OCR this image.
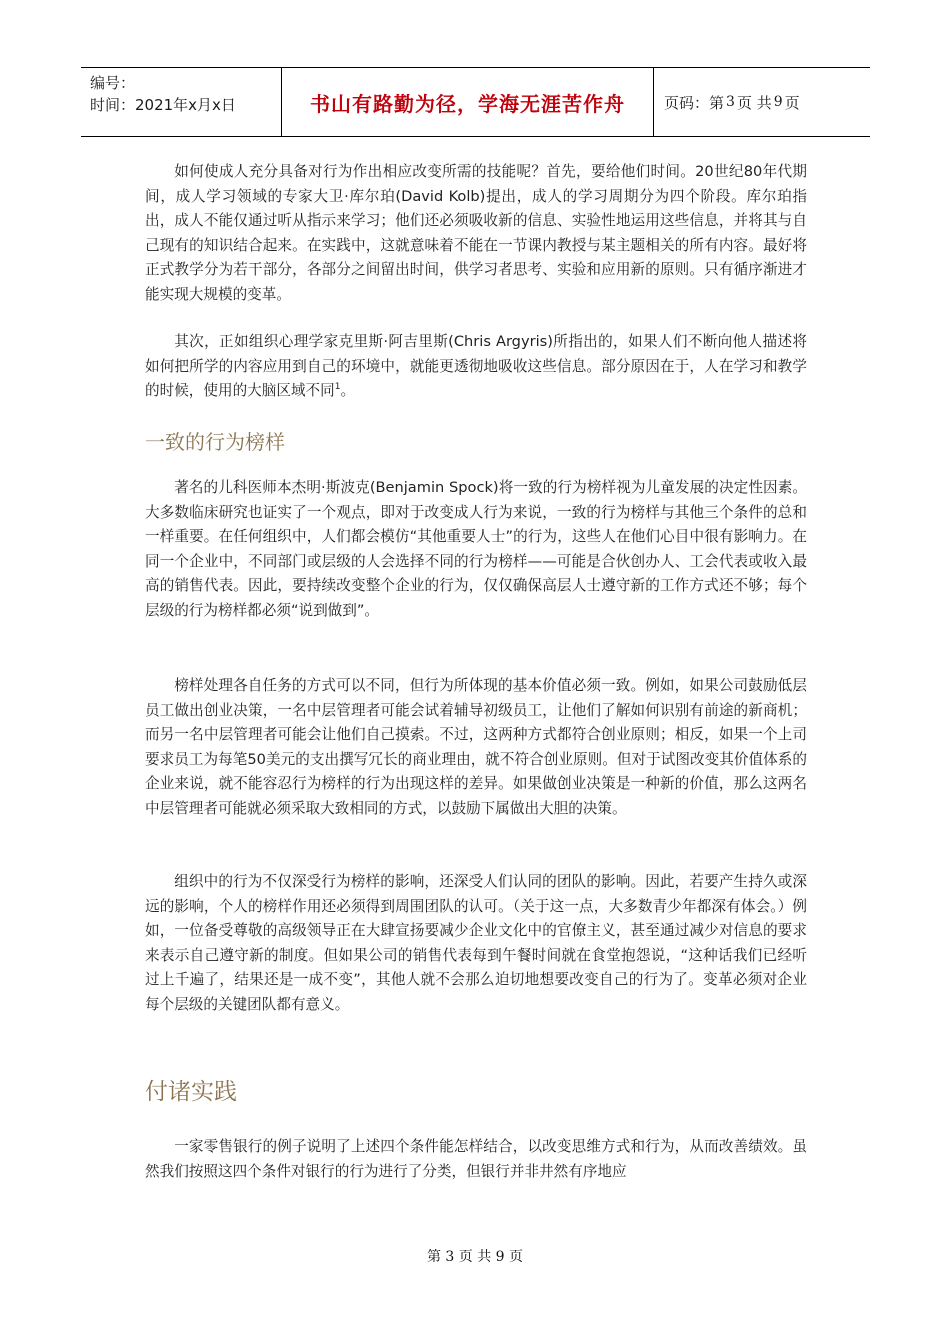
编号：
时间：2021年x月x日	书山有路勤为径，学海无涯苦作舟	页码：第 3 页 共 9 页

如何使成人充分具备对行为作出相应改变所需的技能呢？首先，要给他们时间。20世纪80年代期间，成人学习领域的专家大卫·库尔珀(David Kolb)提出，成人的学习周期分为四个阶段。库尔珀指出，成人不能仅通过听从指示来学习；他们还必须吸收新的信息、实验性地运用这些信息，并将其与自己现有的知识结合起来。在实践中，这就意味着不能在一节课内教授与某主题相关的所有内容。最好将正式教学分为若干部分，各部分之间留出时间，供学习者思考、实验和应用新的原则。只有循序渐进才能实现大规模的变革。

其次，正如组织心理学家克里斯·阿吉里斯(Chris Argyris)所指出的，如果人们不断向他人描述将如何把所学的内容应用到自己的环境中，就能更透彻地吸收这些信息。部分原因在于，人在学习和教学的时候，使用的大脑区域不同$^1$。

一致的行为榜样

著名的儿科医师本杰明·斯波克(Benjamin Spock)将一致的行为榜样视为儿童发展的决定性因素。大多数临床研究也证实了一个观点，即对于改变成人行为来说，一致的行为榜样与其他三个条件的总和一样重要。在任何组织中，人们都会模仿“其他重要人士”的行为，这些人在他们心目中很有影响力。在同一个企业中，不同部门或层级的人会选择不同的行为榜样——可能是合伙创办人、工会代表或收入最高的销售代表。因此，要持续改变整个企业的行为，仅仅确保高层人士遵守新的工作方式还不够；每个层级的行为榜样都必须“说到做到”。

榜样处理各自任务的方式可以不同，但行为所体现的基本价值必须一致。例如，如果公司鼓励低层员工做出创业决策，一名中层管理者可能会试着辅导初级员工，让他们了解如何识别有前途的新商机；而另一名中层管理者可能会让他们自己摸索。不过，这两种方式都符合创业原则；相反，如果一个上司要求员工为每笔50美元的支出撰写冗长的商业理由，就不符合创业原则。但对于试图改变其价值体系的企业来说，就不能容忍行为榜样的行为出现这样的差异。如果做创业决策是一种新的价值，那么这两名中层管理者可能就必须采取大致相同的方式，以鼓励下属做出大胆的决策。

组织中的行为不仅深受行为榜样的影响，还深受人们认同的团队的影响。因此，若要产生持久或深远的影响，个人的榜样作用还必须得到周围团队的认可。（关于这一点，大多数青少年都深有体会。）例如，一位备受尊敬的高级领导正在大肆宣扬要减少企业文化中的官僚主义，甚至通过减少对信息的要求来表示自己遵守新的制度。但如果公司的销售代表每到午餐时间就在食堂抱怨说，“这种话我们已经听过上千遍了，结果还是一成不变”，其他人就不会那么迫切地想要改变自己的行为了。变革必须对企业每个层级的关键团队都有意义。

付诸实践

一家零售银行的例子说明了上述四个条件能怎样结合，以改变思维方式和行为，从而改善绩效。虽然我们按照这四个条件对银行的行为进行了分类，但银行并非井然有序地应

第 3 页 共 9 页
